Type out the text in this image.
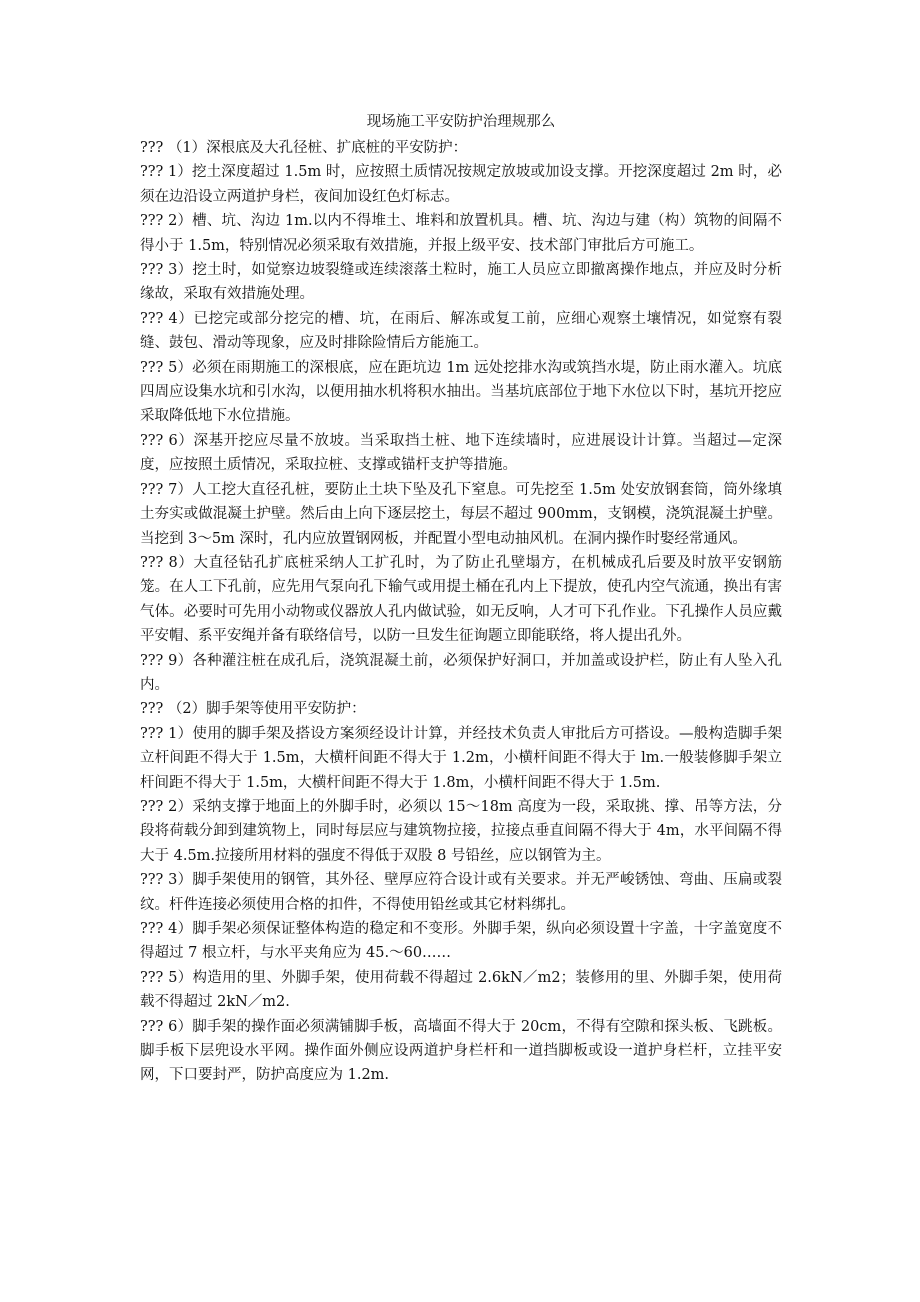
现场施工平安防护治理规那么

??? （1）深根底及大孔径桩、扩底桩的平安防护：

??? 1）挖土深度超过 1.5m 时，应按照土质情况按规定放坡或加设支撑。开挖深度超过 2m 时，必须在边沿设立两道护身栏，夜间加设红色灯标志。

??? 2）槽、坑、沟边 1m.以内不得堆土、堆料和放置机具。槽、坑、沟边与建（构）筑物的间隔不得小于 1.5m，特别情况必须采取有效措施，并报上级平安、技术部门审批后方可施工。

??? 3）挖土时，如觉察边坡裂缝或连续滚落土粒时，施工人员应立即撤离操作地点，并应及时分析缘故，采取有效措施处理。

??? 4）已挖完或部分挖完的槽、坑，在雨后、解冻或复工前，应细心观察土壤情况，如觉察有裂缝、鼓包、滑动等现象，应及时排除险情后方能施工。

??? 5）必须在雨期施工的深根底，应在距坑边 1m 远处挖排水沟或筑挡水堤，防止雨水灌入。坑底四周应设集水坑和引水沟，以便用抽水机将积水抽出。当基坑底部位于地下水位以下时，基坑开挖应采取降低地下水位措施。

??? 6）深基开挖应尽量不放坡。当采取挡土桩、地下连续墙时，应进展设计计算。当超过—定深度，应按照土质情况，采取拉桩、支撑或锚杆支护等措施。

??? 7）人工挖大直径孔桩，要防止土块下坠及孔下窒息。可先挖至 1.5m 处安放钢套筒，筒外缘填土夯实或做混凝土护壁。然后由上向下逐层挖土，每层不超过 900mm，支钢模，浇筑混凝土护壁。当挖到 3～5m 深时，孔内应放置钢网板，并配置小型电动抽风机。在洞内操作时娶经常通风。

??? 8）大直径钻孔扩底桩采纳人工扩孔时，为了防止孔壁塌方，在机械成孔后要及时放平安钢筋笼。在人工下孔前，应先用气泵向孔下输气或用提土桶在孔内上下提放，使孔内空气流通，换出有害气体。必要时可先用小动物或仪器放人孔内做试验，如无反响，人才可下孔作业。下孔操作人员应戴平安帽、系平安绳并备有联络信号，以防一旦发生征询题立即能联络，将人提出孔外。

??? 9）各种灌注桩在成孔后，浇筑混凝土前，必须保护好洞口，并加盖或设护栏，防止有人坠入孔内。

??? （2）脚手架等使用平安防护：

??? 1）使用的脚手架及搭设方案须经设计计算，并经技术负责人审批后方可搭设。—般构造脚手架立杆间距不得大于 1.5m，大横杆间距不得大于 1.2m，小横杆间距不得大于 lm.一般装修脚手架立杆间距不得大于 1.5m，大横杆间距不得大于 1.8m，小横杆间距不得大于 1.5m.

??? 2）采纳支撑于地面上的外脚手时，必须以 15～18m 高度为一段，采取挑、撑、吊等方法，分段将荷载分卸到建筑物上，同时每层应与建筑物拉接，拉接点垂直间隔不得大于 4m，水平间隔不得大于 4.5m.拉接所用材料的强度不得低于双股 8 号铅丝，应以钢管为主。

??? 3）脚手架使用的钢管，其外径、壁厚应符合设计或有关要求。并无严峻锈蚀、弯曲、压扁或裂纹。杆件连接必须使用合格的扣件，不得使用铅丝或其它材料绑扎。

??? 4）脚手架必须保证整体构造的稳定和不变形。外脚手架，纵向必须设置十字盖，十字盖宽度不得超过 7 根立杆，与水平夹角应为 45.～60……

??? 5）构造用的里、外脚手架，使用荷载不得超过 2.6kN／m2；装修用的里、外脚手架，使用荷载不得超过 2kN／m2.

??? 6）脚手架的操作面必须满铺脚手板，高墙面不得大于 20cm，不得有空隙和探头板、飞跳板。脚手板下层兜设水平网。操作面外侧应设两道护身栏杆和一道挡脚板或设一道护身栏杆，立挂平安网，下口要封严，防护高度应为 1.2m.
